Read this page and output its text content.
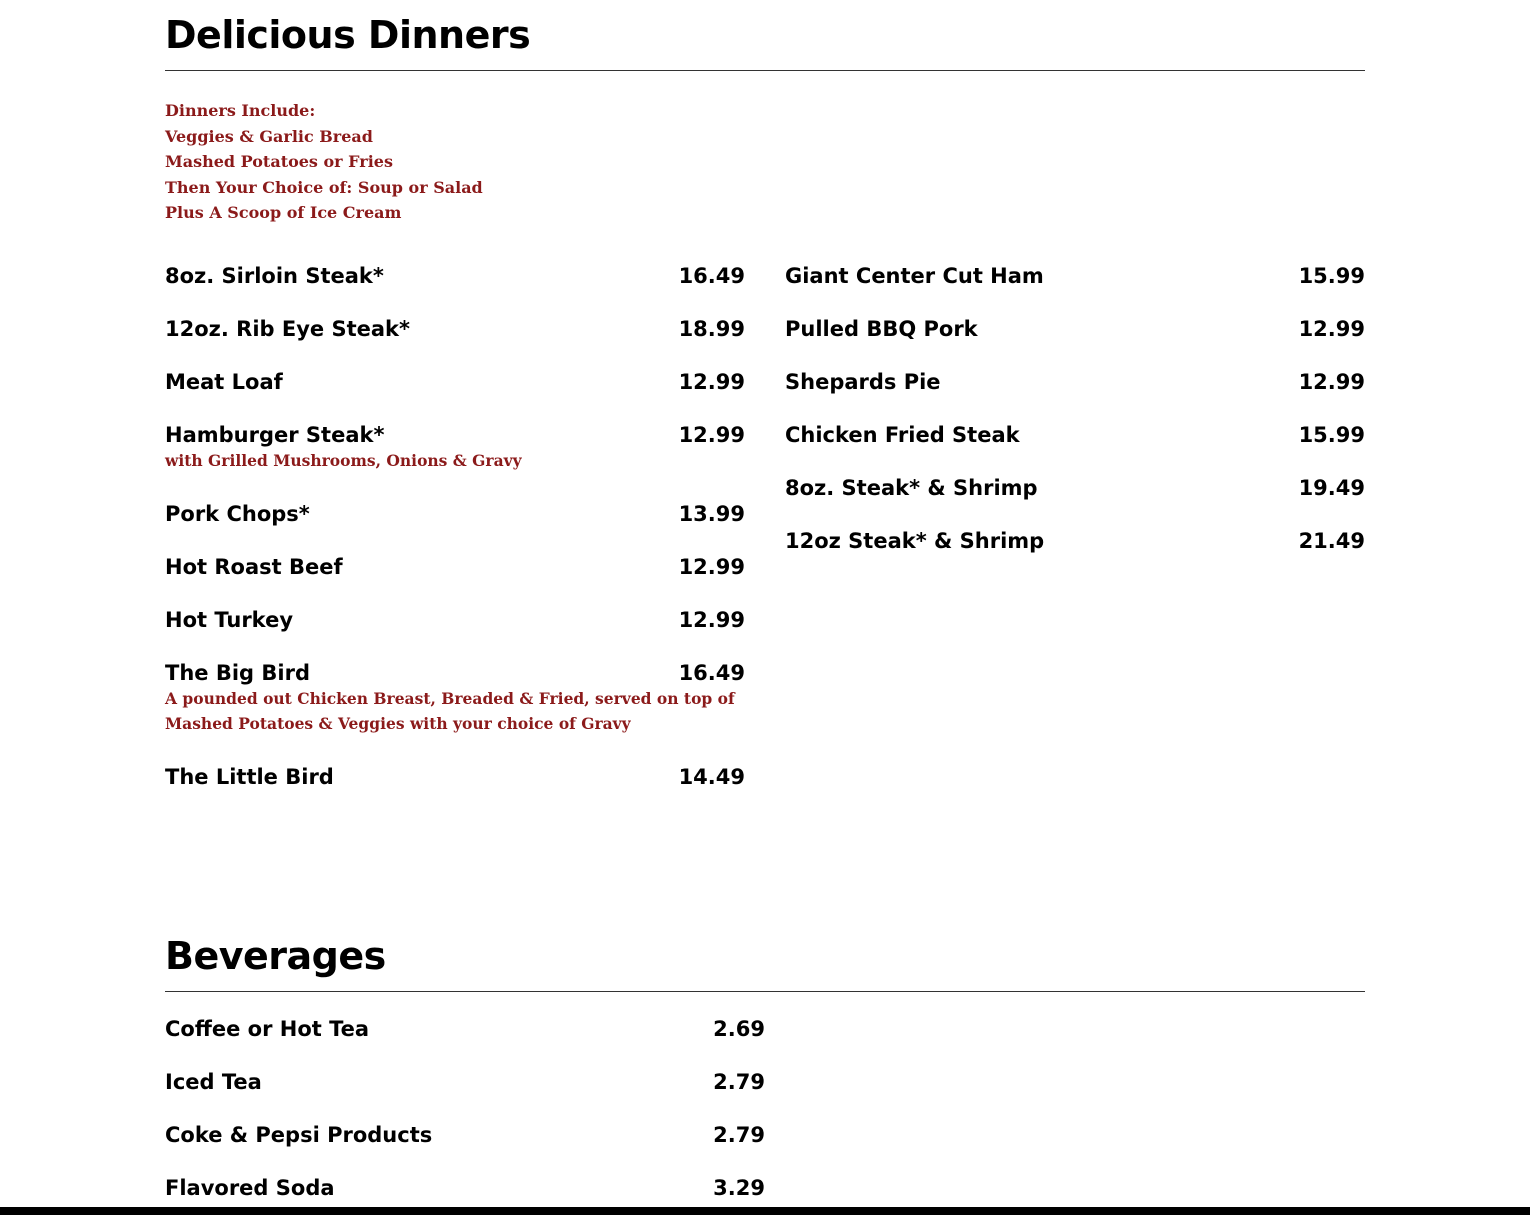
Delicious Dinners
Dinners Include:
Veggies & Garlic Bread
Mashed Potatoes or Fries
Then Your Choice of: Soup or Salad
Plus A Scoop of Ice Cream
8oz. Sirloin Steak*	16.49
12oz. Rib Eye Steak*	18.99
Meat Loaf	12.99
Hamburger Steak*	12.99
with Grilled Mushrooms, Onions & Gravy
Pork Chops*	13.99
Hot Roast Beef	12.99
Hot Turkey	12.99
The Big Bird	16.49
A pounded out Chicken Breast, Breaded & Fried, served on top of
Mashed Potatoes & Veggies with your choice of Gravy
The Little Bird	14.49
Giant Center Cut Ham	15.99
Pulled BBQ Pork	12.99
Shepards Pie	12.99
Chicken Fried Steak	15.99
8oz. Steak* & Shrimp	19.49
12oz Steak* & Shrimp	21.49
Beverages
Coffee or Hot Tea	2.69
Iced Tea	2.79
Coke & Pepsi Products	2.79
Flavored Soda	3.29
